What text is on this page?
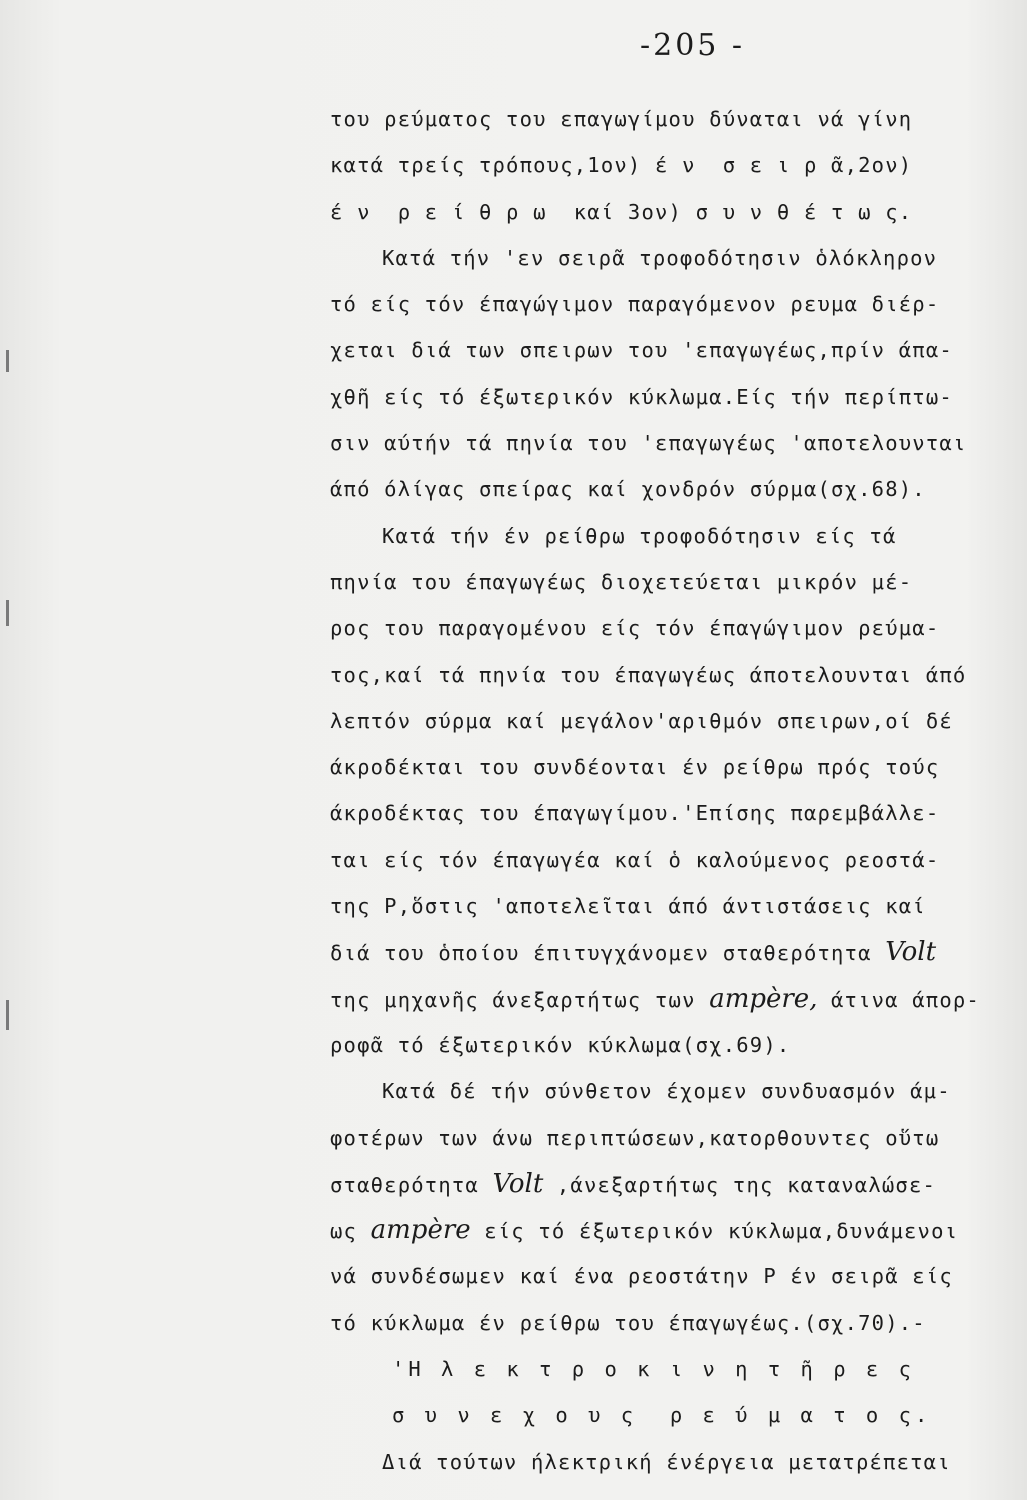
-205 -
του ρεύματος του επαγωγίμου δύναται νά γίνη
κατά τρείς τρόπους,1ον) έ ν  σ ε ι ρ ᾶ,2ον)
έ ν  ρ ε ί θ ρ ω  καί 3ον) σ υ ν θ έ τ ω ς.
Κατά τήν 'εν σειρᾶ τροφοδότησιν ὁλόκληρον
τό είς τόν έπαγώγιμον παραγόμενον ρευμα διέρ-
χεται διά των σπειρων του 'επαγωγέως,πρίν άπα-
χθῆ είς τό έξωτερικόν κύκλωμα.Είς τήν περίπτω-
σιν αύτήν τά πηνία του 'επαγωγέως 'αποτελουνται
άπό όλίγας σπείρας καί χονδρόν σύρμα(σχ.68).
Κατά τήν έν ρείθρω τροφοδότησιν είς τά
πηνία του έπαγωγέως διοχετεύεται μικρόν μέ-
ρος του παραγομένου είς τόν έπαγώγιμον ρεύμα-
τος,καί τά πηνία του έπαγωγέως άποτελουνται άπό
λεπτόν σύρμα καί μεγάλον'αριθμόν σπειρων,οί δέ
άκροδέκται του συνδέονται έν ρείθρω πρός τούς
άκροδέκτας του έπαγωγίμου.'Επίσης παρεμβάλλε-
ται είς τόν έπαγωγέα καί ὁ καλούμενος ρεοστά-
της P,ὅστις 'αποτελεῖται άπό άντιστάσεις καί
διά του ὁποίου έπιτυγχάνομεν σταθερότητα Volt
της μηχανῆς άνεξαρτήτως των ampère, άτινα άπορ-
ροφᾶ τό έξωτερικόν κύκλωμα(σχ.69).
Κατά δέ τήν σύνθετον έχομεν συνδυασμόν άμ-
φοτέρων των άνω περιπτώσεων,κατορθουντες οὕτω
σταθερότητα Volt ,άνεξαρτήτως της καταναλώσε-
ως ampère είς τό έξωτερικόν κύκλωμα,δυνάμενοι
νά συνδέσωμεν καί ένα ρεοστάτην P έν σειρᾶ είς
τό κύκλωμα έν ρείθρω του έπαγωγέως.(σχ.70).-
'Η λ ε κ τ ρ ο κ ι ν η τ ῆ ρ ε ς
σ υ ν ε χ ο υ ς  ρ ε ύ μ α τ ο ς.
Διά τούτων ήλεκτρική ένέργεια μετατρέπεται
